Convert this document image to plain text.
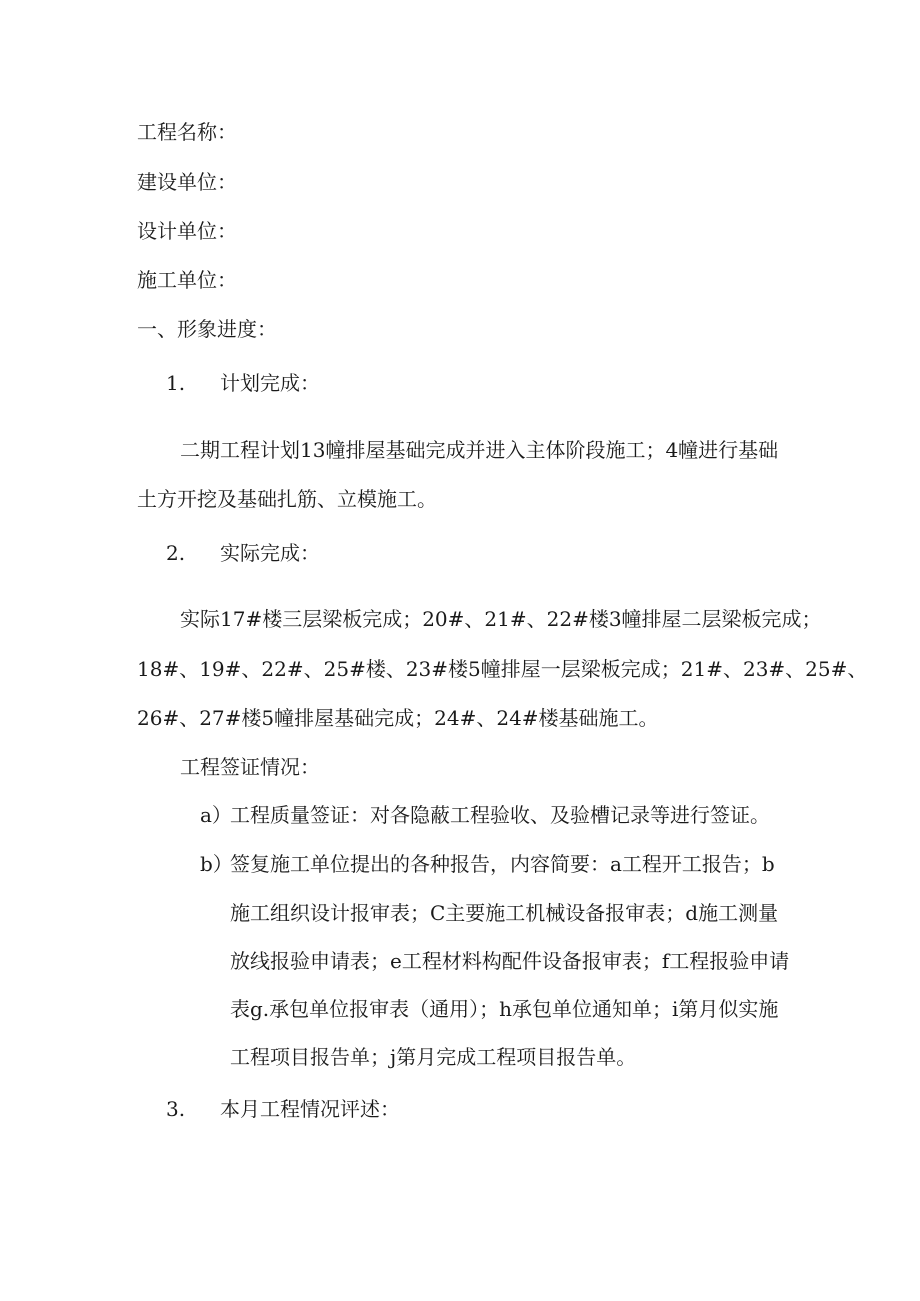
工程名称：
建设单位：
设计单位：
施工单位：
一、形象进度：
1. 计划完成：
二期工程计划13幢排屋基础完成并进入主体阶段施工；4幢进行基础
土方开挖及基础扎筋、立模施工。
2. 实际完成：
实际17#楼三层梁板完成；20#、21#、22#楼3幢排屋二层梁板完成；
18#、19#、22#、25#楼、23#楼5幢排屋一层梁板完成；21#、23#、25#、
26#、27#楼5幢排屋基础完成；24#、24#楼基础施工。
工程签证情况：
a）
工程质量签证：对各隐蔽工程验收、及验槽记录等进行签证。
b）
签复施工单位提出的各种报告，内容简要：a工程开工报告；b
施工组织设计报审表；C主要施工机械设备报审表；d施工测量
放线报验申请表；e工程材料构配件设备报审表；f工程报验申请
表g.承包单位报审表（通用）；h承包单位通知单；i第月似实施
工程项目报告单；j第月完成工程项目报告单。
3. 本月工程情况评述：
